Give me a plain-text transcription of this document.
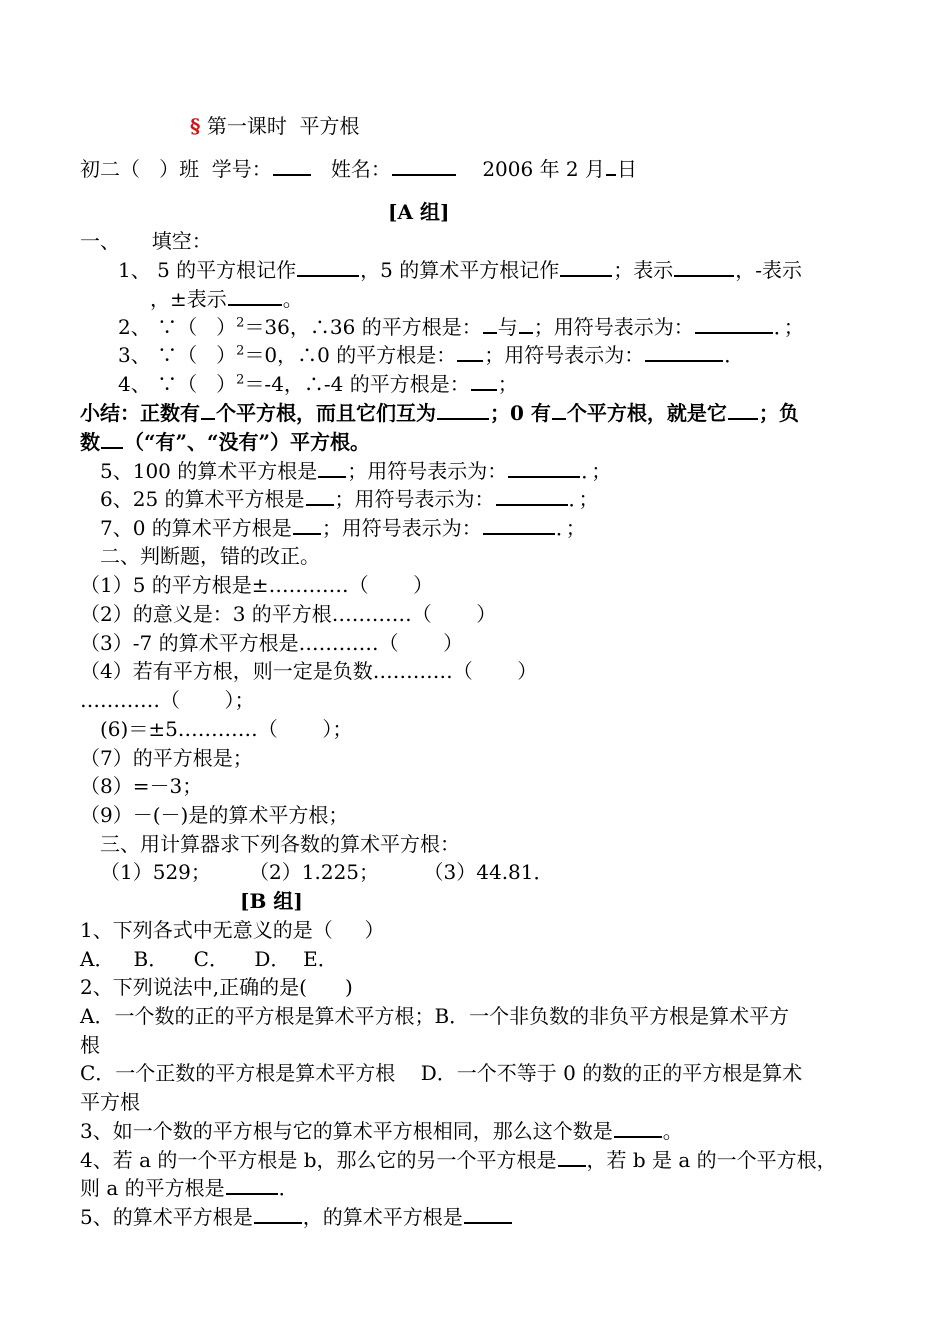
§ 第一课时  平方根
初二（   ）班 学号：	姓名：	2006 年 2 月 日
[A 组]
一、     填空：
1、 5 的平方根记作	，5 的算术平方根记作	；表示	，-表示
，±表示	。
2、 ∵（   ）$^2$＝36，∴36 的平方根是： 与 ；用符号表示为：	．；
3、 ∵（   ）$^2$＝0，∴0 的平方根是： ；用符号表示为：	．
4、 ∵（   ）$^2$＝-4，∴-4 的平方根是： ；
小结：正数有 个平方根，而且它们互为	；0 有 个平方根，就是它 ；负
数 （“有”、“没有”）平方根。
5、100 的算术平方根是 ；用符号表示为：	．；
6、25 的算术平方根是 ；用符号表示为：	．；
7、0 的算术平方根是 ；用符号表示为：	．；
二、判断题，错的改正。
（1）5 的平方根是±…………（       ）
（2）的意义是：3 的平方根…………（       ）
（3）-7 的算术平方根是…………（       ）
（4）若有平方根，则一定是负数…………（       ）
…………（       ）；
(6)＝±5…………（       ）；
（7）的平方根是；
（8）=－3；
（9）－(－)是的算术平方根；
三、用计算器求下列各数的算术平方根：
（1）529；      （2）1.225；       （3）44.81．
[B 组]
1、下列各式中无意义的是（     ）
A．   B．    C．    D．  E．
2、下列说法中,正确的是(      )
A．一个数的正的平方根是算术平方根；B．一个非负数的非负平方根是算术平方
根
C．一个正数的平方根是算术平方根    D．一个不等于 0 的数的正的平方根是算术
平方根
3、如一个数的平方根与它的算术平方根相同，那么这个数是	。
4、若 a 的一个平方根是 b，那么它的另一个平方根是 ，若 b 是 a 的一个平方根，
则 a 的平方根是	．
5、的算术平方根是	，的算术平方根是
